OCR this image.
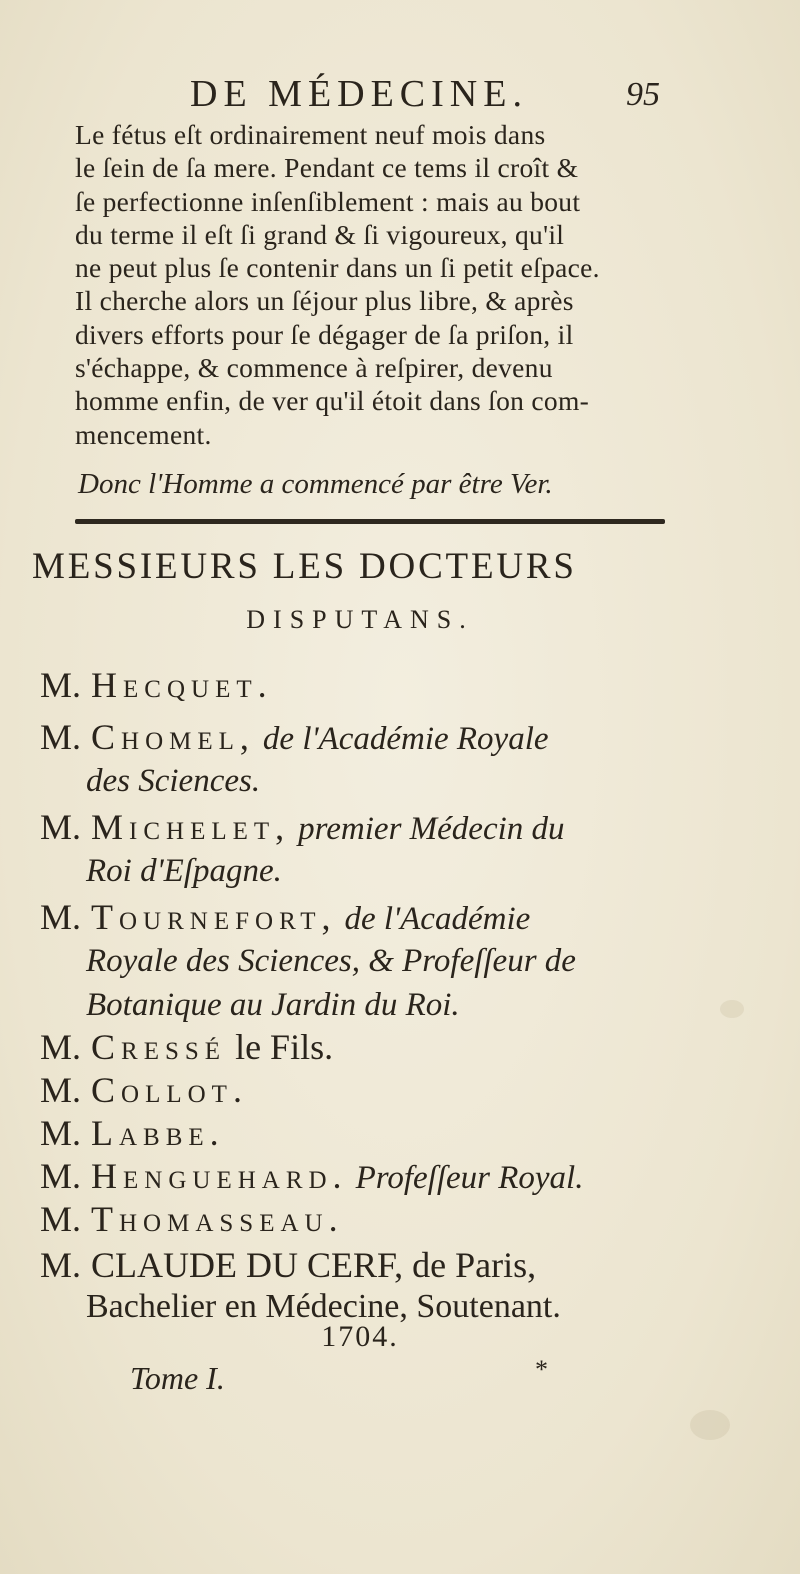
DE MÉDECINE.	95
Le fétus eſt ordinairement neuf mois dans
le ſein de ſa mere. Pendant ce tems il croît &
ſe perfectionne inſenſiblement : mais au bout
du terme il eſt ſi grand & ſi vigoureux, qu'il
ne peut plus ſe contenir dans un ſi petit eſpace.
Il cherche alors un ſéjour plus libre, & après
divers efforts pour ſe dégager de ſa priſon, il
s'échappe, & commence à reſpirer, devenu
homme enfin, de ver qu'il étoit dans ſon com-
mencement.
Donc l'Homme a commencé par être Ver.
MESSIEURS LES DOCTEURS
DISPUTANS.
M. Hecquet.
M. Chomel, de l'Académie Royale
des Sciences.
M. Michelet, premier Médecin du
Roi d'Eſpagne.
M. Tournefort, de l'Académie
Royale des Sciences, & Profeſſeur de
Botanique au Jardin du Roi.
M. Cressé le Fils.
M. Collot.
M. Labbe.
M. Henguehard. Profeſſeur Royal.
M. Thomasseau.
M. CLAUDE DU CERF, de Paris,
Bachelier en Médecine, Soutenant.
1704.
Tome I.	*
